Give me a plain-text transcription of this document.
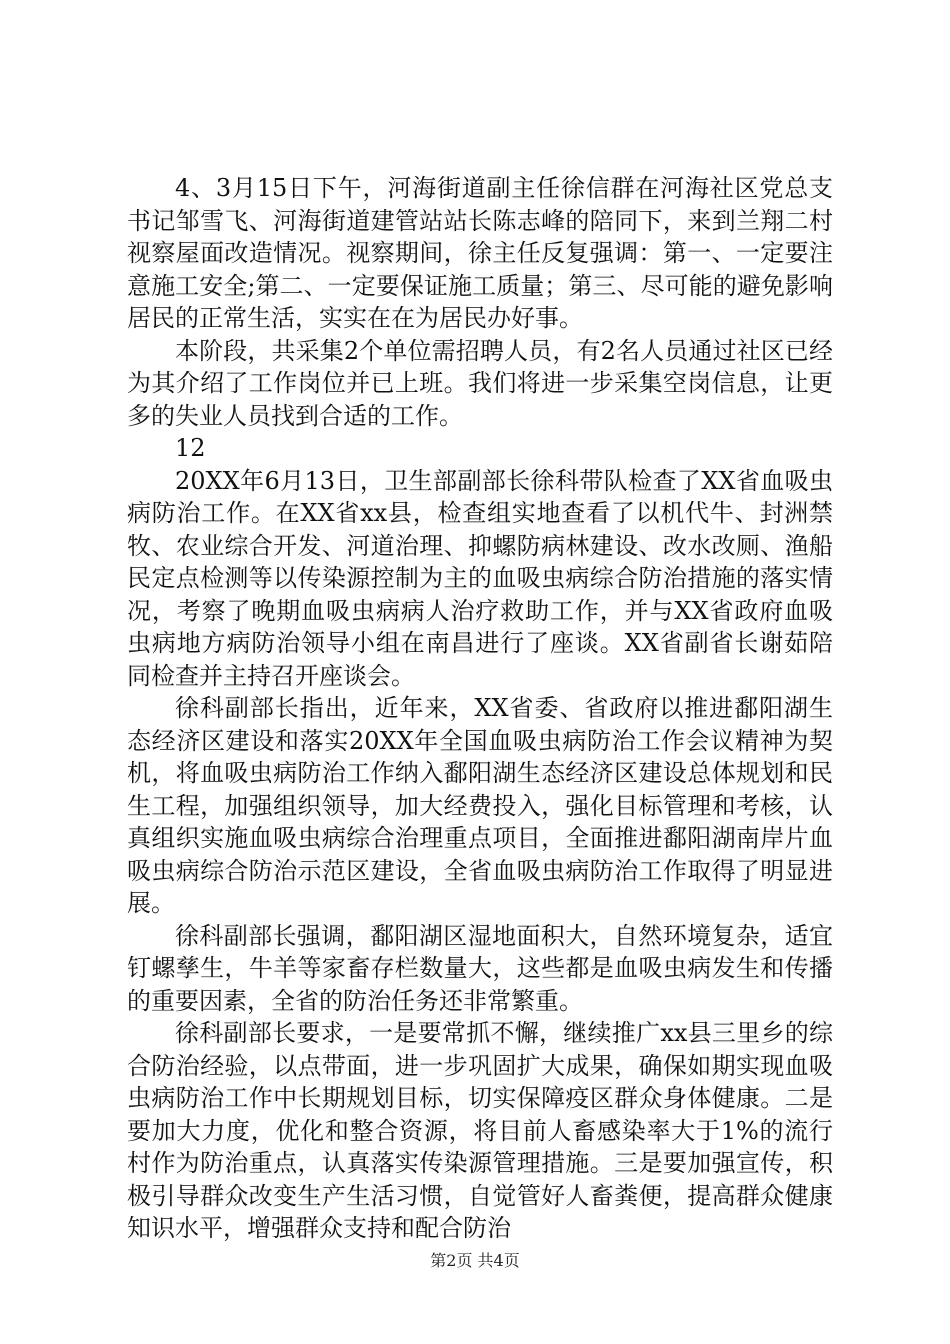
4、3月15日下午，河海街道副主任徐信群在河海社区党总支书记邹雪飞、河海街道建管站站长陈志峰的陪同下，来到兰翔二村视察屋面改造情况。视察期间，徐主任反复强调：第一、一定要注意施工安全;第二、一定要保证施工质量；第三、尽可能的避免影响居民的正常生活，实实在在为居民办好事。

本阶段，共采集2个单位需招聘人员，有2名人员通过社区已经为其介绍了工作岗位并已上班。我们将进一步采集空岗信息，让更多的失业人员找到合适的工作。

12

20XX年6月13日，卫生部副部长徐科带队检查了XX省血吸虫病防治工作。在XX省xx县，检查组实地查看了以机代牛、封洲禁牧、农业综合开发、河道治理、抑螺防病林建设、改水改厕、渔船民定点检测等以传染源控制为主的血吸虫病综合防治措施的落实情况，考察了晚期血吸虫病病人治疗救助工作，并与XX省政府血吸虫病地方病防治领导小组在南昌进行了座谈。XX省副省长谢茹陪同检查并主持召开座谈会。

徐科副部长指出，近年来，XX省委、省政府以推进鄱阳湖生态经济区建设和落实20XX年全国血吸虫病防治工作会议精神为契机，将血吸虫病防治工作纳入鄱阳湖生态经济区建设总体规划和民生工程，加强组织领导，加大经费投入，强化目标管理和考核，认真组织实施血吸虫病综合治理重点项目，全面推进鄱阳湖南岸片血吸虫病综合防治示范区建设，全省血吸虫病防治工作取得了明显进展。

徐科副部长强调，鄱阳湖区湿地面积大，自然环境复杂，适宜钉螺孳生，牛羊等家畜存栏数量大，这些都是血吸虫病发生和传播的重要因素，全省的防治任务还非常繁重。

徐科副部长要求，一是要常抓不懈，继续推广xx县三里乡的综合防治经验，以点带面，进一步巩固扩大成果，确保如期实现血吸虫病防治工作中长期规划目标，切实保障疫区群众身体健康。二是要加大力度，优化和整合资源，将目前人畜感染率大于1%的流行村作为防治重点，认真落实传染源管理措施。三是要加强宣传，积极引导群众改变生产生活习惯，自觉管好人畜粪便，提高群众健康知识水平，增强群众支持和配合防治

第2页 共4页
